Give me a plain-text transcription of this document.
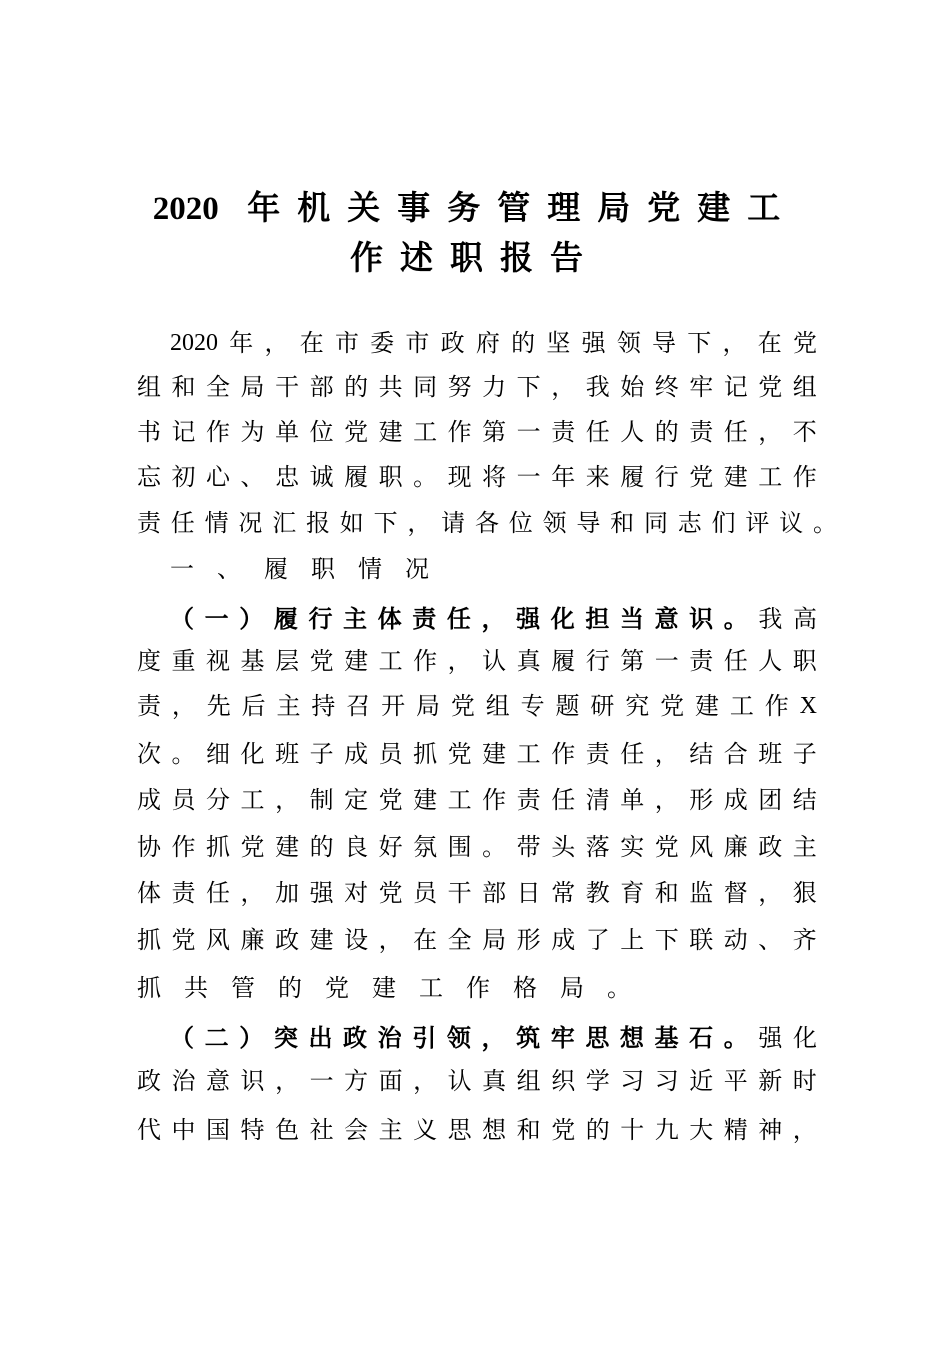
2020 年机关事务管理局党建工
作述职报告
2020 年 ， 在 市 委 市 政 府 的 坚 强 领 导 下 ， 在 党
组 和 全 局 干 部 的 共 同 努 力 下 ， 我 始 终 牢 记 党 组
书 记 作 为 单 位 党 建 工 作 第 一 责 任 人 的 责 任 ， 不
忘 初 心 、 忠 诚 履 职 。 现 将 一 年 来 履 行 党 建 工 作
责 任 情 况 汇 报 如 下 ， 请 各 位 领 导 和 同 志 们 评 议 。
一 、 履 职 情 况
（ 一 ） 履 行 主 体 责 任 ， 强 化 担 当 意 识 。 我 高
度 重 视 基 层 党 建 工 作 ， 认 真 履 行 第 一 责 任 人 职
责 ， 先 后 主 持 召 开 局 党 组 专 题 研 究 党 建 工 作 X
次 。 细 化 班 子 成 员 抓 党 建 工 作 责 任 ， 结 合 班 子
成 员 分 工 ， 制 定 党 建 工 作 责 任 清 单 ， 形 成 团 结
协 作 抓 党 建 的 良 好 氛 围 。 带 头 落 实 党 风 廉 政 主
体 责 任 ， 加 强 对 党 员 干 部 日 常 教 育 和 监 督 ， 狠
抓 党 风 廉 政 建 设 ， 在 全 局 形 成 了 上 下 联 动 、 齐
抓 共 管 的 党 建 工 作 格 局 。
（ 二 ） 突 出 政 治 引 领 ， 筑 牢 思 想 基 石 。 强 化
政 治 意 识 ， 一 方 面 ， 认 真 组 织 学 习 习 近 平 新 时
代 中 国 特 色 社 会 主 义 思 想 和 党 的 十 九 大 精 神 ，
